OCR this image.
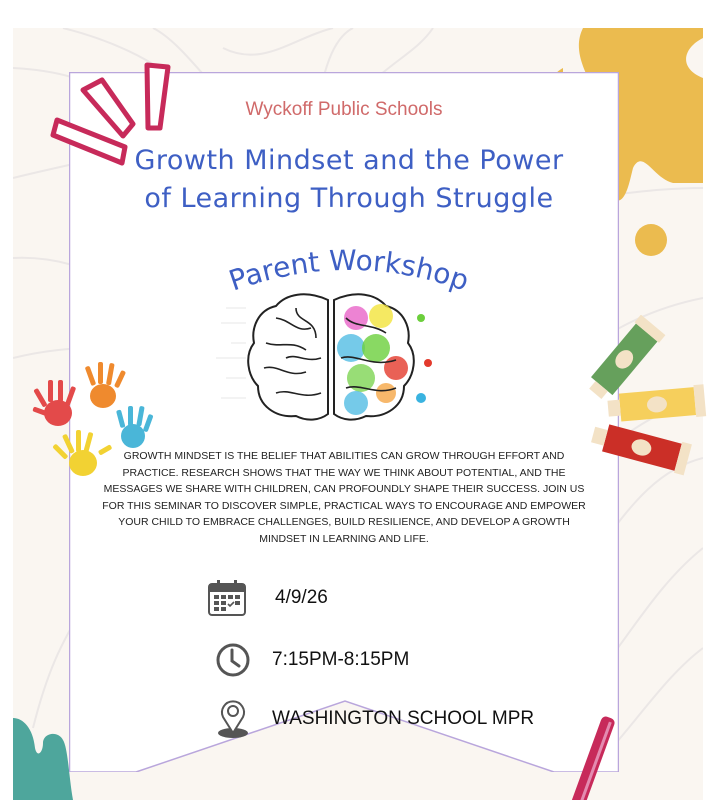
Wyckoff Public Schools
Growth Mindset and the Power
of Learning Through Struggle
Parent Workshop
GROWTH MINDSET IS THE BELIEF THAT ABILITIES CAN GROW THROUGH EFFORT AND PRACTICE. RESEARCH SHOWS THAT THE WAY WE THINK ABOUT POTENTIAL, AND THE MESSAGES WE SHARE WITH CHILDREN, CAN PROFOUNDLY SHAPE THEIR SUCCESS. JOIN US FOR THIS SEMINAR TO DISCOVER SIMPLE, PRACTICAL WAYS TO ENCOURAGE AND EMPOWER YOUR CHILD TO EMBRACE CHALLENGES, BUILD RESILIENCE, AND DEVELOP A GROWTH MINDSET IN LEARNING AND LIFE.
4/9/26
7:15PM-8:15PM
WASHINGTON SCHOOL MPR
